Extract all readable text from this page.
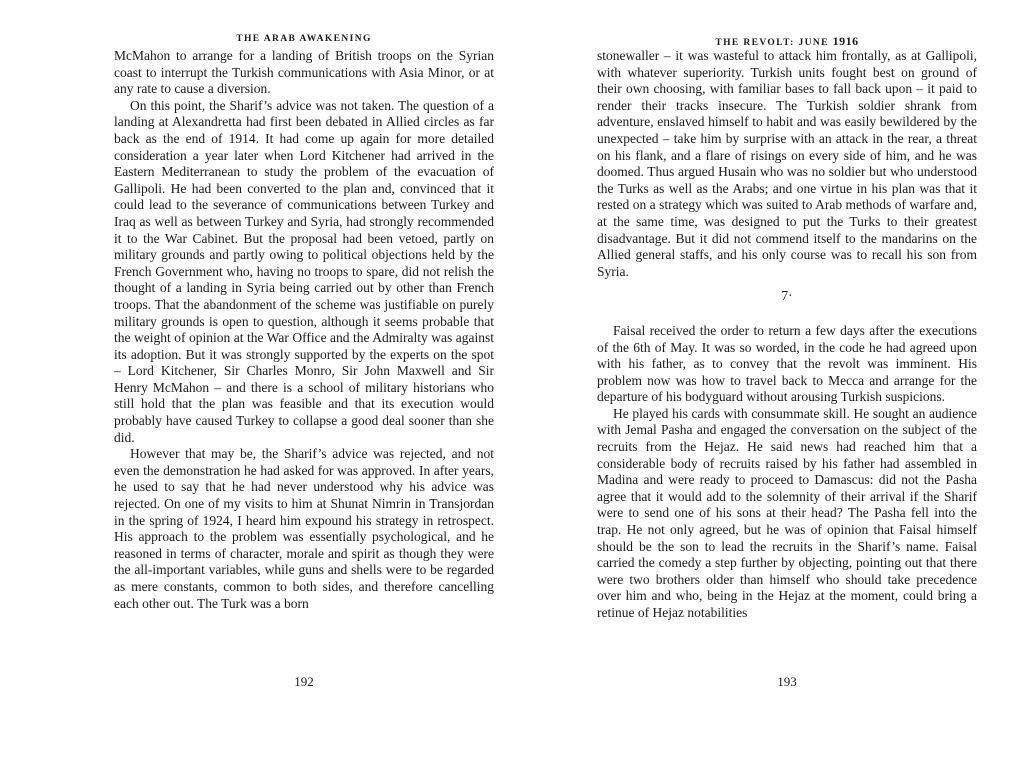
THE ARAB AWAKENING

McMahon to arrange for a landing of British troops on the Syrian coast to interrupt the Turkish communications with Asia Minor, or at any rate to cause a diversion.

On this point, the Sharif’s advice was not taken. The question of a landing at Alexandretta had first been debated in Allied circles as far back as the end of 1914. It had come up again for more detailed consideration a year later when Lord Kitchener had arrived in the Eastern Mediterranean to study the problem of the evacuation of Gallipoli. He had been converted to the plan and, convinced that it could lead to the severance of communications between Turkey and Iraq as well as between Turkey and Syria, had strongly recommended it to the War Cabinet. But the proposal had been vetoed, partly on military grounds and partly owing to political objections held by the French Government who, having no troops to spare, did not relish the thought of a landing in Syria being carried out by other than French troops. That the abandonment of the scheme was justifiable on purely military grounds is open to question, although it seems probable that the weight of opinion at the War Office and the Admiralty was against its adoption. But it was strongly supported by the experts on the spot – Lord Kitchener, Sir Charles Monro, Sir John Maxwell and Sir Henry McMahon – and there is a school of military historians who still hold that the plan was feasible and that its execution would probably have caused Turkey to collapse a good deal sooner than she did.

However that may be, the Sharif’s advice was rejected, and not even the demonstration he had asked for was approved. In after years, he used to say that he had never understood why his advice was rejected. On one of my visits to him at Shunat Nimrin in Transjordan in the spring of 1924, I heard him expound his strategy in retrospect. His approach to the problem was essentially psychological, and he reasoned in terms of character, morale and spirit as though they were the all-important variables, while guns and shells were to be regarded as mere constants, common to both sides, and therefore cancelling each other out. The Turk was a born

192
THE REVOLT: JUNE 1916

stonewaller – it was wasteful to attack him frontally, as at Gallipoli, with whatever superiority. Turkish units fought best on ground of their own choosing, with familiar bases to fall back upon – it paid to render their tracks insecure. The Turkish soldier shrank from adventure, enslaved himself to habit and was easily bewildered by the unexpected – take him by surprise with an attack in the rear, a threat on his flank, and a flare of risings on every side of him, and he was doomed. Thus argued Husain who was no soldier but who understood the Turks as well as the Arabs; and one virtue in his plan was that it rested on a strategy which was suited to Arab methods of warfare and, at the same time, was designed to put the Turks to their greatest disadvantage. But it did not commend itself to the mandarins on the Allied general staffs, and his only course was to recall his son from Syria.

7·

Faisal received the order to return a few days after the executions of the 6th of May. It was so worded, in the code he had agreed upon with his father, as to convey that the revolt was imminent. His problem now was how to travel back to Mecca and arrange for the departure of his bodyguard without arousing Turkish suspicions.

He played his cards with consummate skill. He sought an audience with Jemal Pasha and engaged the conversation on the subject of the recruits from the Hejaz. He said news had reached him that a considerable body of recruits raised by his father had assembled in Madina and were ready to proceed to Damascus: did not the Pasha agree that it would add to the solemnity of their arrival if the Sharif were to send one of his sons at their head? The Pasha fell into the trap. He not only agreed, but he was of opinion that Faisal himself should be the son to lead the recruits in the Sharif’s name. Faisal carried the comedy a step further by objecting, pointing out that there were two brothers older than himself who should take precedence over him and who, being in the Hejaz at the moment, could bring a retinue of Hejaz notabilities

193
